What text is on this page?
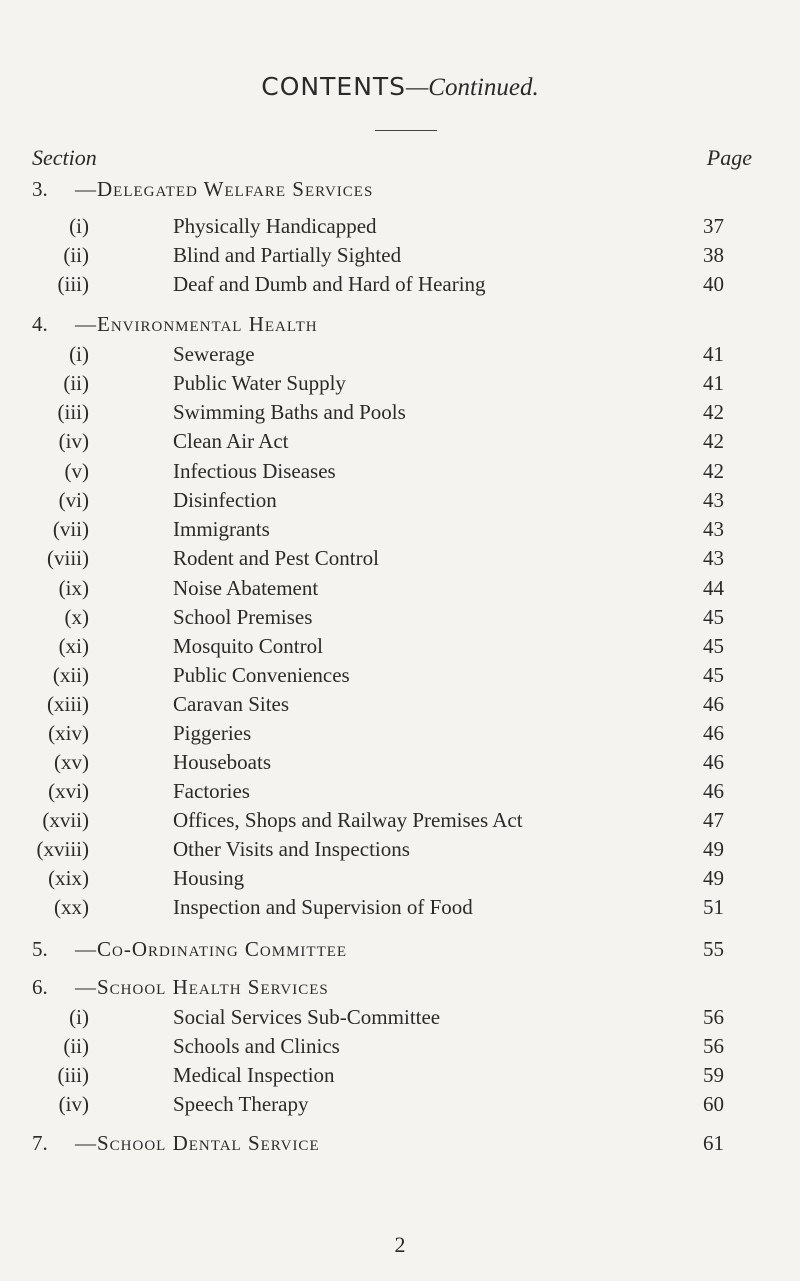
CONTENTS—Continued.
Section	Page
3. —Delegated Welfare Services
(i)	Physically Handicapped	37
(ii)	Blind and Partially Sighted	38
(iii)	Deaf and Dumb and Hard of Hearing	40
4. —Environmental Health
(i)	Sewerage	41
(ii)	Public Water Supply	41
(iii)	Swimming Baths and Pools	42
(iv)	Clean Air Act	42
(v)	Infectious Diseases	42
(vi)	Disinfection	43
(vii)	Immigrants	43
(viii)	Rodent and Pest Control	43
(ix)	Noise Abatement	44
(x)	School Premises	45
(xi)	Mosquito Control	45
(xii)	Public Conveniences	45
(xiii)	Caravan Sites	46
(xiv)	Piggeries	46
(xv)	Houseboats	46
(xvi)	Factories	46
(xvii)	Offices, Shops and Railway Premises Act	47
(xviii)	Other Visits and Inspections	49
(xix)	Housing	49
(xx)	Inspection and Supervision of Food	51
5. —Co-Ordinating Committee	55
6. —School Health Services
(i)	Social Services Sub-Committee	56
(ii)	Schools and Clinics	56
(iii)	Medical Inspection	59
(iv)	Speech Therapy	60
7. —School Dental Service	61
2
